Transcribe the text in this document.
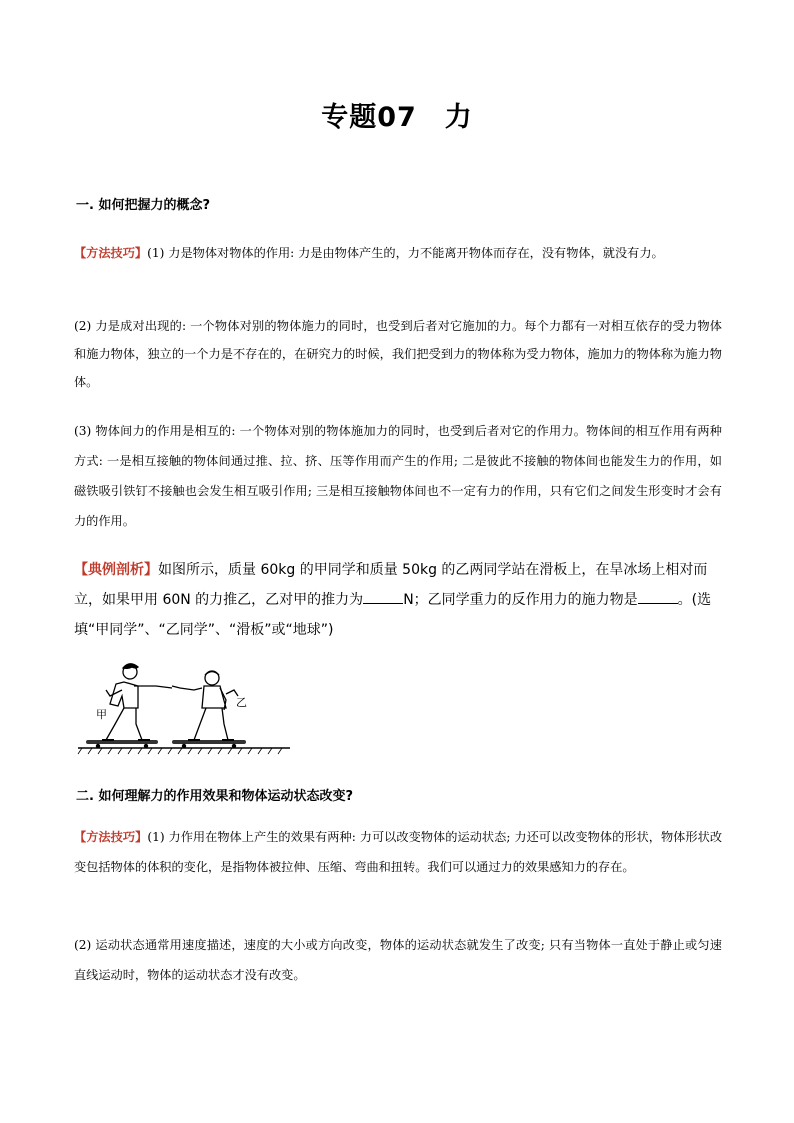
专题07　力
一. 如何把握力的概念?
【方法技巧】(1) 力是物体对物体的作用: 力是由物体产生的，力不能离开物体而存在，没有物体，就没有力。
(2) 力是成对出现的: 一个物体对别的物体施力的同时，也受到后者对它施加的力。每个力都有一对相互依存的受力物体和施力物体，独立的一个力是不存在的，在研究力的时候，我们把受到力的物体称为受力物体，施加力的物体称为施力物体。
(3) 物体间力的作用是相互的: 一个物体对别的物体施加力的同时，也受到后者对它的作用力。物体间的相互作用有两种方式: 一是相互接触的物体间通过推、拉、挤、压等作用而产生的作用; 二是彼此不接触的物体间也能发生力的作用，如磁铁吸引铁钉不接触也会发生相互吸引作用; 三是相互接触物体间也不一定有力的作用，只有它们之间发生形变时才会有力的作用。
【典例剖析】如图所示，质量 60kg 的甲同学和质量 50kg 的乙两同学站在滑板上，在旱冰场上相对而立，如果甲用 60N 的力推乙，乙对甲的推力为	N；乙同学重力的反作用力的施力物是	。(选填“甲同学”、“乙同学”、“滑板”或“地球”)
甲
乙
二. 如何理解力的作用效果和物体运动状态改变?
【方法技巧】(1) 力作用在物体上产生的效果有两种: 力可以改变物体的运动状态; 力还可以改变物体的形状，物体形状改变包括物体的体积的变化，是指物体被拉伸、压缩、弯曲和扭转。我们可以通过力的效果感知力的存在。
(2) 运动状态通常用速度描述，速度的大小或方向改变，物体的运动状态就发生了改变; 只有当物体一直处于静止或匀速直线运动时，物体的运动状态才没有改变。
